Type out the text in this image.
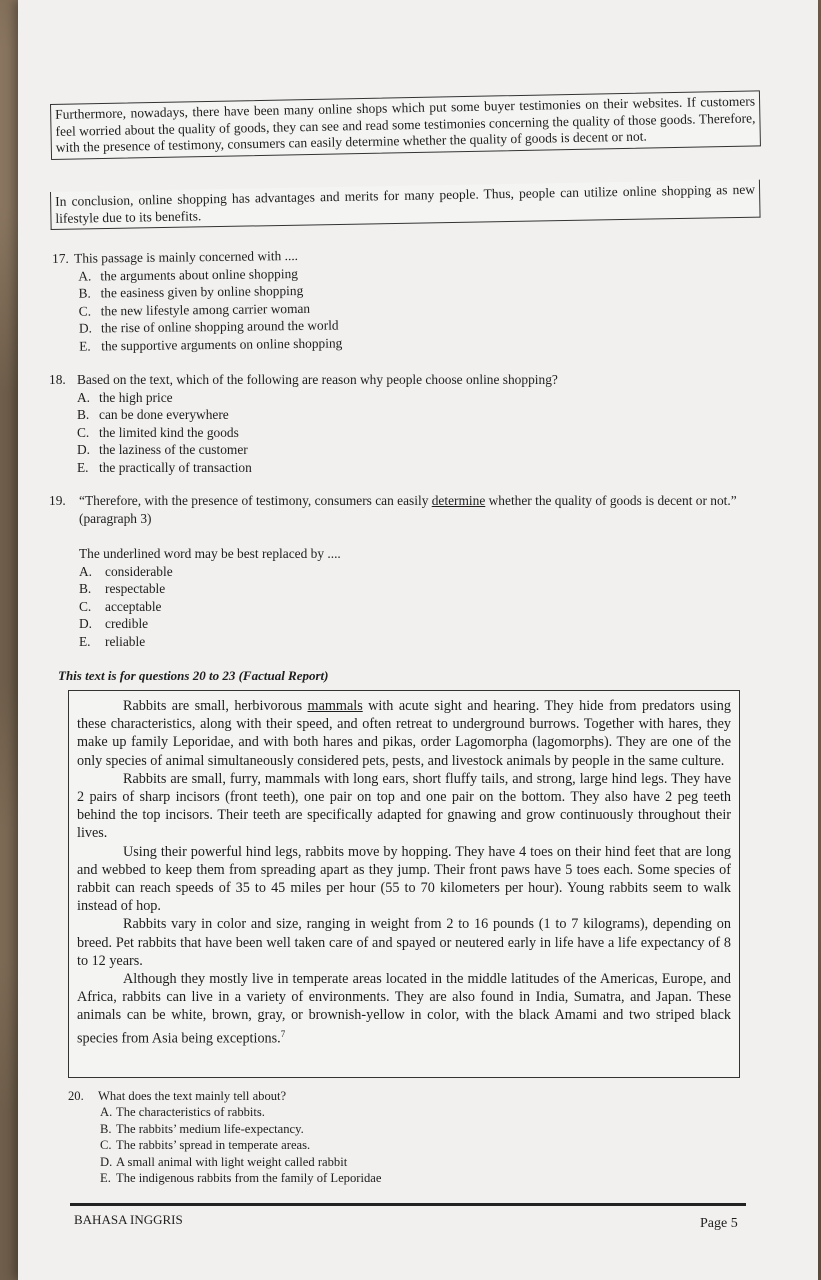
Furthermore, nowadays, there have been many online shops which put some buyer testimonies on their websites. If customers feel worried about the quality of goods, they can see and read some testimonies concerning the quality of those goods. Therefore, with the presence of testimony, consumers can easily determine whether the quality of goods is decent or not.
In conclusion, online shopping has advantages and merits for many people. Thus, people can utilize online shopping as new lifestyle due to its benefits.
17. This passage is mainly concerned with ....
A. the arguments about online shopping
B. the easiness given by online shopping
C. the new lifestyle among carrier woman
D. the rise of online shopping around the world
E. the supportive arguments on online shopping
18. Based on the text, which of the following are reason why people choose online shopping?
A. the high price
B. can be done everywhere
C. the limited kind the goods
D. the laziness of the customer
E. the practically of transaction
19. “Therefore, with the presence of testimony, consumers can easily determine whether the quality of goods is decent or not.” (paragraph 3)
The underlined word may be best replaced by ....
A. considerable
B.	respectable
C.	acceptable
D. credible
E.	reliable
This text is for questions 20 to 23 (Factual Report)

Rabbits are small, herbivorous mammals with acute sight and hearing. They hide from predators using these characteristics, along with their speed, and often retreat to underground burrows. Together with hares, they make up family Leporidae, and with both hares and pikas, order Lagomorpha (lagomorphs). They are one of the only species of animal simultaneously considered pets, pests, and livestock animals by people in the same culture.

Rabbits are small, furry, mammals with long ears, short fluffy tails, and strong, large hind legs. They have 2 pairs of sharp incisors (front teeth), one pair on top and one pair on the bottom. They also have 2 peg teeth behind the top incisors. Their teeth are specifically adapted for gnawing and grow continuously throughout their lives.

Using their powerful hind legs, rabbits move by hopping. They have 4 toes on their hind feet that are long and webbed to keep them from spreading apart as they jump. Their front paws have 5 toes each. Some species of rabbit can reach speeds of 35 to 45 miles per hour (55 to 70 kilometers per hour). Young rabbits seem to walk instead of hop.

Rabbits vary in color and size, ranging in weight from 2 to 16 pounds (1 to 7 kilograms), depending on breed. Pet rabbits that have been well taken care of and spayed or neutered early in life have a life expectancy of 8 to 12 years.

Although they mostly live in temperate areas located in the middle latitudes of the Americas, Europe, and Africa, rabbits can live in a variety of environments. They are also found in India, Sumatra, and Japan. These animals can be white, brown, gray, or brownish-yellow in color, with the black Amami and two striped black species from Asia being exceptions.$^7$

20.	What does the text mainly tell about?
A. The characteristics of rabbits.
B. The rabbits’ medium life-expectancy.
C. The rabbits’ spread in temperate areas.
D. A small animal with light weight called rabbit
E. The indigenous rabbits from the family of Leporidae
BAHASA INGGRIS	Page 5
